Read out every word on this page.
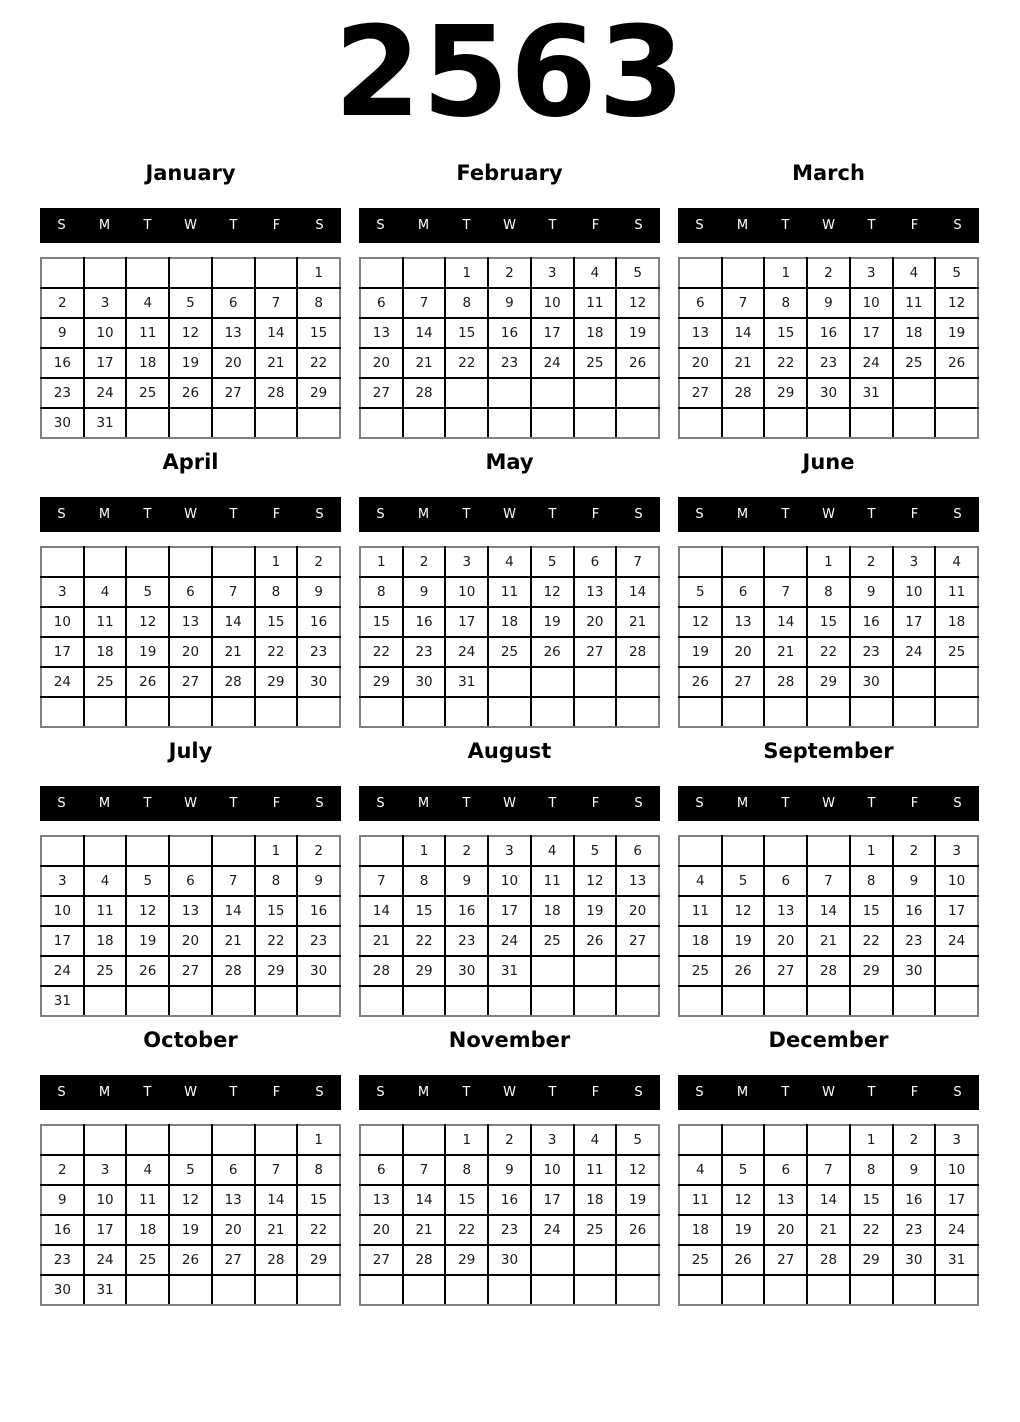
2563
January
S	M	T	W	T	F	S
						1
2	3	4	5	6	7	8
9	10	11	12	13	14	15
16	17	18	19	20	21	22
23	24	25	26	27	28	29
30	31					
February
S	M	T	W	T	F	S
		1	2	3	4	5
6	7	8	9	10	11	12
13	14	15	16	17	18	19
20	21	22	23	24	25	26
27	28					

March
S	M	T	W	T	F	S
		1	2	3	4	5
6	7	8	9	10	11	12
13	14	15	16	17	18	19
20	21	22	23	24	25	26
27	28	29	30	31		

April
S	M	T	W	T	F	S
					1	2
3	4	5	6	7	8	9
10	11	12	13	14	15	16
17	18	19	20	21	22	23
24	25	26	27	28	29	30

May
S	M	T	W	T	F	S
1	2	3	4	5	6	7
8	9	10	11	12	13	14
15	16	17	18	19	20	21
22	23	24	25	26	27	28
29	30	31				

June
S	M	T	W	T	F	S
			1	2	3	4
5	6	7	8	9	10	11
12	13	14	15	16	17	18
19	20	21	22	23	24	25
26	27	28	29	30		

July
S	M	T	W	T	F	S
					1	2
3	4	5	6	7	8	9
10	11	12	13	14	15	16
17	18	19	20	21	22	23
24	25	26	27	28	29	30
31						
August
S	M	T	W	T	F	S
	1	2	3	4	5	6
7	8	9	10	11	12	13
14	15	16	17	18	19	20
21	22	23	24	25	26	27
28	29	30	31			

September
S	M	T	W	T	F	S
				1	2	3
4	5	6	7	8	9	10
11	12	13	14	15	16	17
18	19	20	21	22	23	24
25	26	27	28	29	30	

October
S	M	T	W	T	F	S
						1
2	3	4	5	6	7	8
9	10	11	12	13	14	15
16	17	18	19	20	21	22
23	24	25	26	27	28	29
30	31					
November
S	M	T	W	T	F	S
		1	2	3	4	5
6	7	8	9	10	11	12
13	14	15	16	17	18	19
20	21	22	23	24	25	26
27	28	29	30			

December
S	M	T	W	T	F	S
				1	2	3
4	5	6	7	8	9	10
11	12	13	14	15	16	17
18	19	20	21	22	23	24
25	26	27	28	29	30	31
